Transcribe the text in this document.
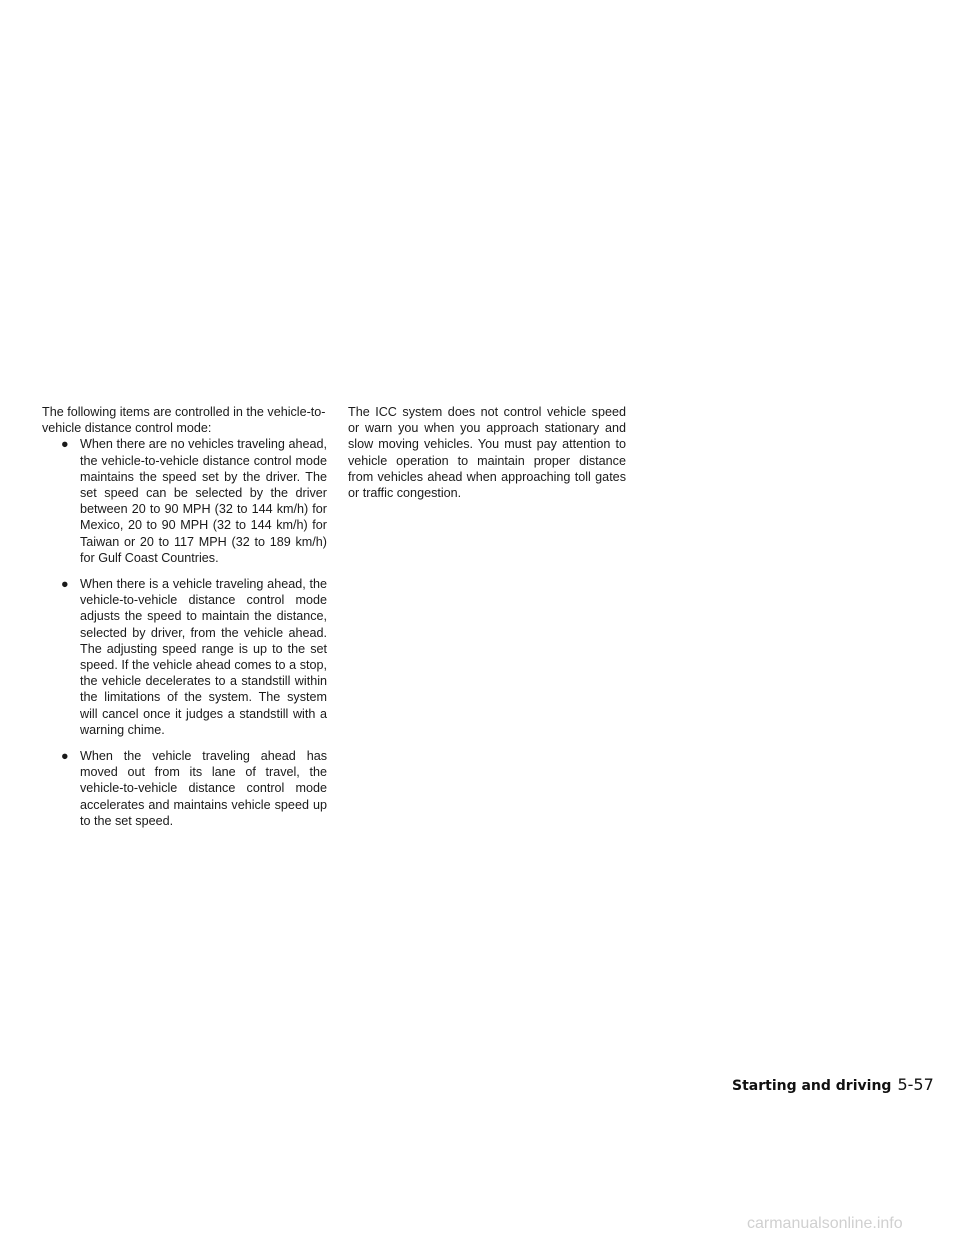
The following items are controlled in the vehicle-to-vehicle distance control mode:

● When there are no vehicles traveling ahead, the vehicle-to-vehicle distance control mode maintains the speed set by the driver. The set speed can be selected by the driver between 20 to 90 MPH (32 to 144 km/h) for Mexico, 20 to 90 MPH (32 to 144 km/h) for Taiwan or 20 to 117 MPH (32 to 189 km/h) for Gulf Coast Countries.
● When there is a vehicle traveling ahead, the vehicle-to-vehicle distance control mode adjusts the speed to maintain the distance, selected by driver, from the vehicle ahead. The adjusting speed range is up to the set speed. If the vehicle ahead comes to a stop, the vehicle decelerates to a standstill within the limitations of the system. The system will cancel once it judges a standstill with a warning chime.
● When the vehicle traveling ahead has moved out from its lane of travel, the vehicle-to-vehicle distance control mode accelerates and maintains vehicle speed up to the set speed.

The ICC system does not control vehicle speed or warn you when you approach stationary and slow moving vehicles. You must pay attention to vehicle operation to maintain proper distance from vehicles ahead when approaching toll gates or traffic congestion.

Starting and driving 5-57
carmanualsonline.info
